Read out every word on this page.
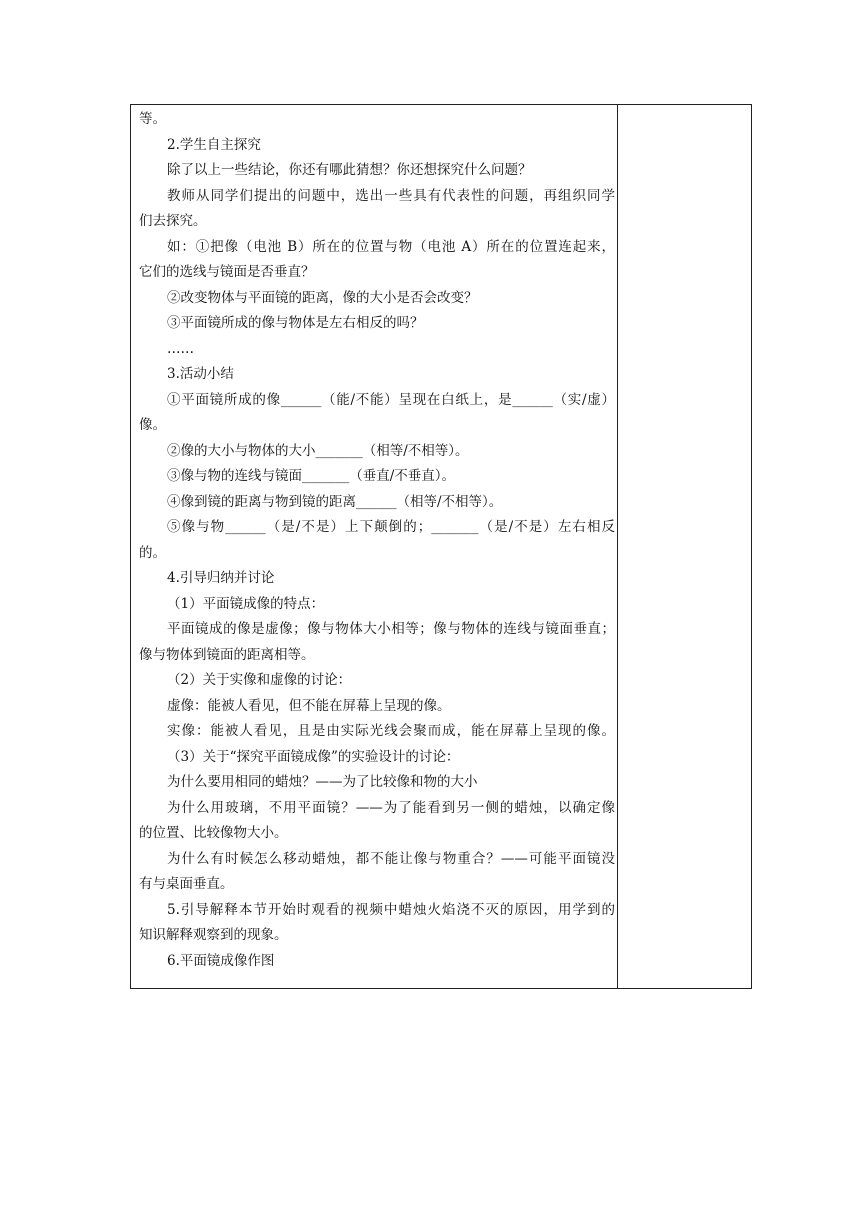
等。
2.学生自主探究
除了以上一些结论，你还有哪此猜想？你还想探究什么问题？
教师从同学们提出的问题中，选出一些具有代表性的问题，再组织同学
们去探究。
如：①把像（电池 B）所在的位置与物（电池 A）所在的位置连起来，
它们的选线与镜面是否垂直？
②改变物体与平面镜的距离，像的大小是否会改变？
③平面镜所成的像与物体是左右相反的吗？
……
3.活动小结
①平面镜所成的像______（能/不能）呈现在白纸上，是______（实/虚）
像。
②像的大小与物体的大小_______（相等/不相等）。
③像与物的连线与镜面_______（垂直/不垂直）。
④像到镜的距离与物到镜的距离______（相等/不相等）。
⑤像与物______（是/不是）上下颠倒的；_______（是/不是）左右相反
的。
4.引导归纳并讨论
（1）平面镜成像的特点：
平面镜成的像是虚像；像与物体大小相等；像与物体的连线与镜面垂直；
像与物体到镜面的距离相等。
（2）关于实像和虚像的讨论：
虚像：能被人看见，但不能在屏幕上呈现的像。
实像：能被人看见，且是由实际光线会聚而成，能在屏幕上呈现的像。
（3）关于“探究平面镜成像”的实验设计的讨论：
为什么要用相同的蜡烛？——为了比较像和物的大小
为什么用玻璃，不用平面镜？——为了能看到另一侧的蜡烛，以确定像
的位置、比较像物大小。
为什么有时候怎么移动蜡烛，都不能让像与物重合？——可能平面镜没
有与桌面垂直。
5.引导解释本节开始时观看的视频中蜡烛火焰浇不灭的原因，用学到的
知识解释观察到的现象。
6.平面镜成像作图
